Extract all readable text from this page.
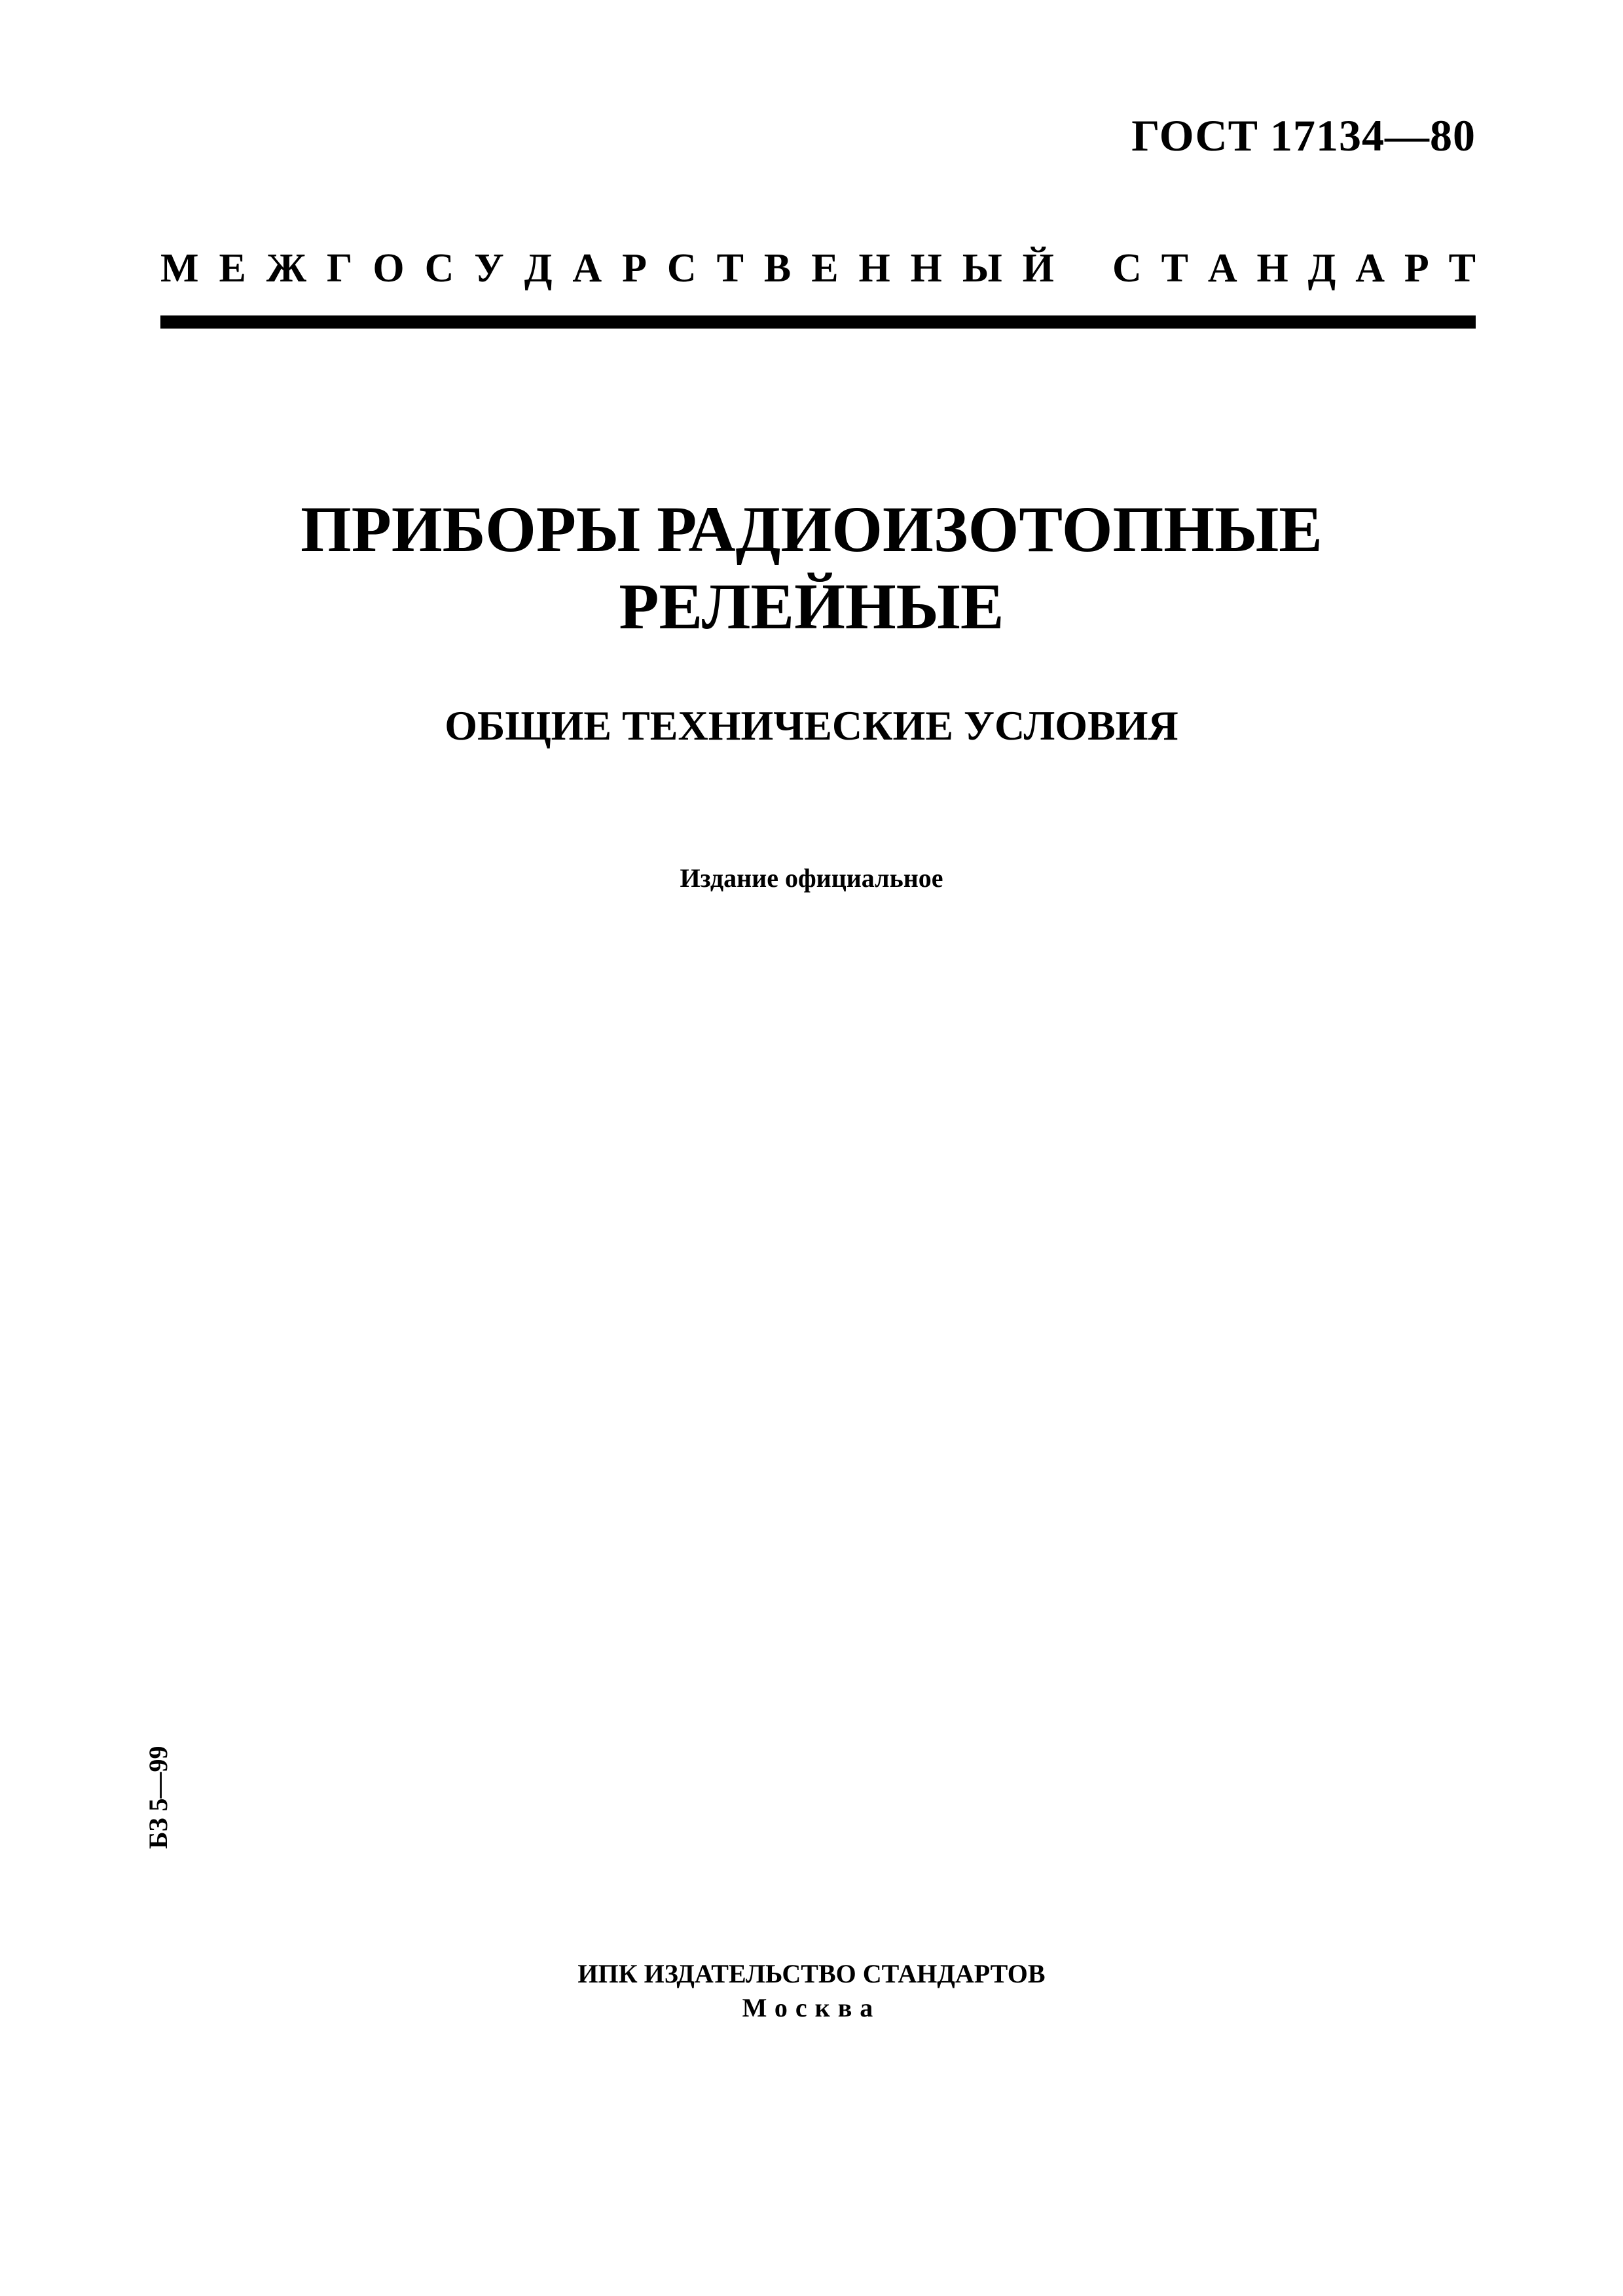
ГОСТ 17134—80
М Е Ж Г О С У Д А Р С Т В Е Н Н Ы Й С Т А Н Д А Р Т
ПРИБОРЫ РАДИОИЗОТОПНЫЕ
РЕЛЕЙНЫЕ
ОБЩИЕ ТЕХНИЧЕСКИЕ УСЛОВИЯ
Издание официальное
БЗ 5—99
ИПК ИЗДАТЕЛЬСТВО СТАНДАРТОВ
Москва
